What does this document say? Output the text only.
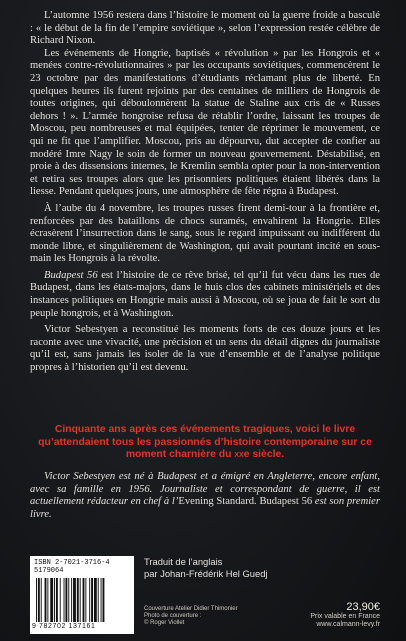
L’automne 1956 restera dans l’histoire le moment où la guerre froide a basculé : « le début de la fin de l’empire soviétique », selon l’expression restée célèbre de Richard Nixon.

Les événements de Hongrie, baptisés « révolution » par les Hongrois et « menées contre-révolutionnaires » par les occupants soviétiques, commencèrent le 23 octobre par des manifestations d’étudiants réclamant plus de liberté. En quelques heures ils furent rejoints par des centaines de milliers de Hongrois de toutes origines, qui déboulonnèrent la statue de Staline aux cris de « Russes dehors ! ». L’armée hongroise refusa de rétablir l’ordre, laissant les troupes de Moscou, peu nombreuses et mal équipées, tenter de réprimer le mouvement, ce qui ne fit que l’amplifier. Moscou, pris au dépourvu, dut accepter de confier au modéré Imre Nagy le soin de former un nouveau gouvernement. Déstabilisé, en proie à des dissensions internes, le Kremlin sembla opter pour la non-intervention et retira ses troupes alors que les prisonniers politiques étaient libérés dans la liesse. Pendant quelques jours, une atmosphère de fête régna à Budapest.

À l’aube du 4 novembre, les troupes russes firent demi-tour à la frontière et, renforcées par des bataillons de chocs suramés, envahirent la Hongrie. Elles écrasèrent l’insurrection dans le sang, sous le regard impuissant ou indifférent du monde libre, et singulièrement de Washington, qui avait pourtant incité en sous-main les Hongrois à la révolte.

Budapest 56 est l’histoire de ce rêve brisé, tel qu’il fut vécu dans les rues de Budapest, dans les états-majors, dans le huis clos des cabinets ministériels et des instances politiques en Hongrie mais aussi à Moscou, où se joua de fait le sort du peuple hongrois, et à Washington.

Victor Sebestyen a reconstitué les moments forts de ces douze jours et les raconte avec une vivacité, une précision et un sens du détail dignes du journaliste qu’il est, sans jamais les isoler de la vue d’ensemble et de l’analyse politique propres à l’historien qu’il est devenu.

Cinquante ans après ces événements tragiques, voici le livre qu’attendaient tous les passionnés d’histoire contemporaine sur ce moment charnière du xxe siècle.

Victor Sebestyen est né à Budapest et a émigré en Angleterre, encore enfant, avec sa famille en 1956. Journaliste et correspondant de guerre, il est actuellement rédacteur en chef à l’Evening Standard. Budapest 56 est son premier livre.

ISBN 2-7021-3716-4
5179064
9 782702 137161
Traduit de l’anglais
par Johan-Frédérik Hel Guedj
Couverture Atelier Didier Thimonier
Photo de couverture :
© Roger Viollet
23,90€
Prix valable en France
www.calmann-levy.fr
